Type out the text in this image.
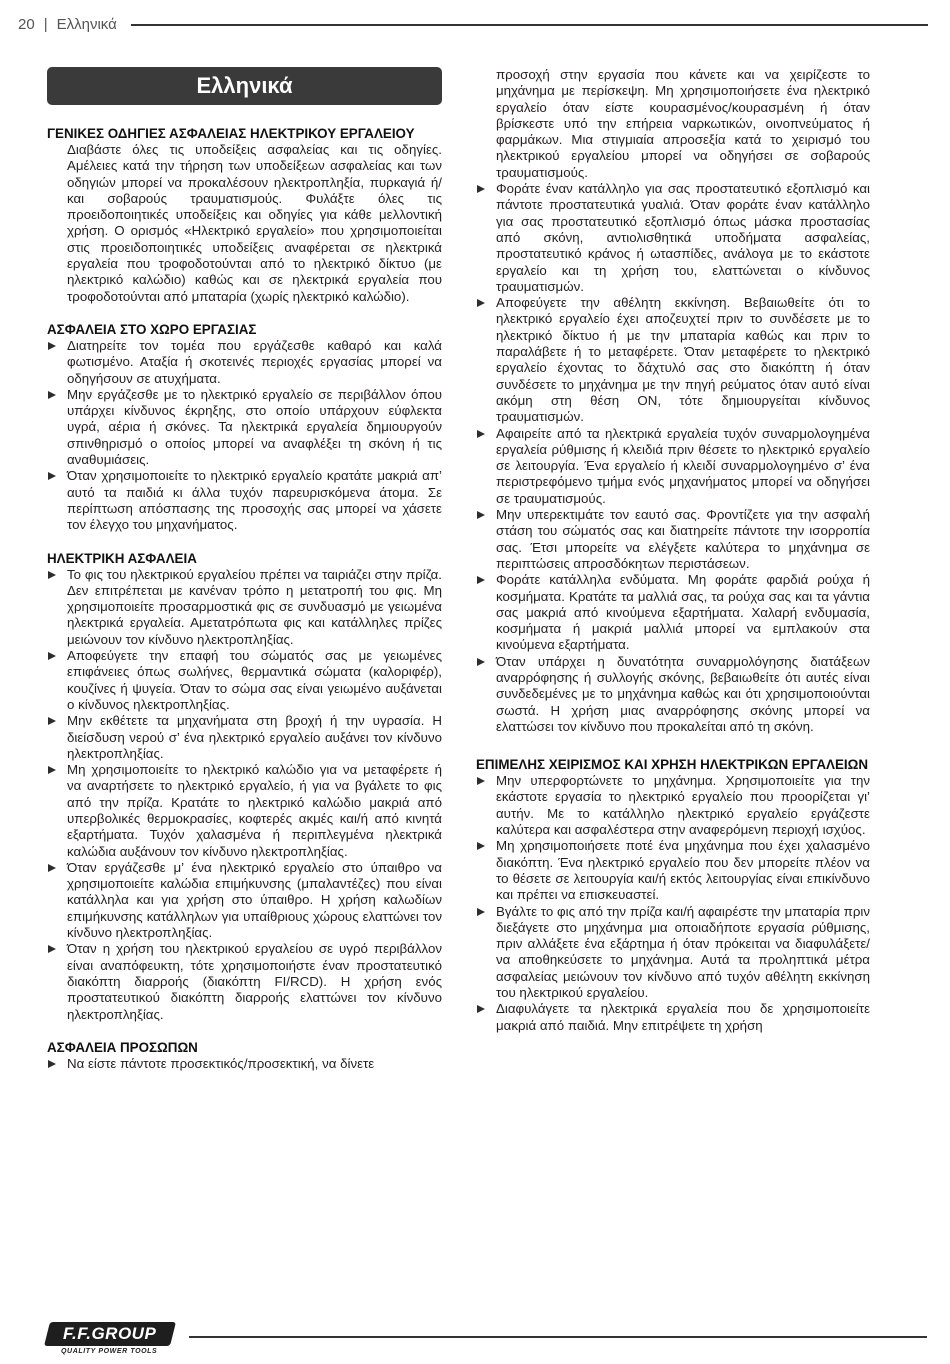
20 | Ελληνικά
Ελληνικά
ΓΕΝΙΚΕΣ ΟΔΗΓΙΕΣ ΑΣΦΑΛΕΙΑΣ ΗΛΕΚΤΡΙΚΟΥ ΕΡΓΑΛΕΙΟΥ

Διαβάστε όλες τις υποδείξεις ασφαλείας και τις οδηγίες. Αμέλειες κατά την τήρηση των υποδείξεων ασφαλείας και των οδηγιών μπορεί να προκαλέσουν ηλεκτροπληξία, πυρκαγιά ή/και σοβαρούς τραυματισμούς. Φυλάξτε όλες τις προειδοποιητικές υποδείξεις και οδηγίες για κάθε μελλοντική χρήση. Ο ορισμός «Ηλεκτρικό εργαλείο» που χρησιμοποιείται στις προειδοποιητικές υποδείξεις αναφέρεται σε ηλεκτρικά εργαλεία που τροφοδοτούνται από το ηλεκτρικό δίκτυο (με ηλεκτρικό καλώδιο) καθώς και σε ηλεκτρικά εργαλεία που τροφοδοτούνται από μπαταρία (χωρίς ηλεκτρικό καλώδιο).

ΑΣΦΑΛΕΙΑ ΣΤΟ ΧΩΡΟ ΕΡΓΑΣΙΑΣ
Διατηρείτε τον τομέα που εργάζεσθε καθαρό και καλά φωτισμένο. Αταξία ή σκοτεινές περιοχές εργασίας μπορεί να οδηγήσουν σε ατυχήματα.
Μην εργάζεσθε με το ηλεκτρικό εργαλείο σε περιβάλλον όπου υπάρχει κίνδυνος έκρηξης, στο οποίο υπάρχουν εύφλεκτα υγρά, αέρια ή σκόνες. Τα ηλεκτρικά εργαλεία δημιουργούν σπινθηρισμό ο οποίος μπορεί να αναφλέξει τη σκόνη ή τις αναθυμιάσεις.
Όταν χρησιμοποιείτε το ηλεκτρικό εργαλείο κρατάτε μακριά απ’ αυτό τα παιδιά κι άλλα τυχόν παρευρισκόμενα άτομα. Σε περίπτωση απόσπασης της προσοχής σας μπορεί να χάσετε τον έλεγχο του μηχανήματος.
ΗΛΕΚΤΡΙΚΗ ΑΣΦΑΛΕΙΑ
Το φις του ηλεκτρικού εργαλείου πρέπει να ταιριάζει στην πρίζα. Δεν επιτρέπεται με κανέναν τρόπο η μετατροπή του φις. Μη χρησιμοποιείτε προσαρμοστικά φις σε συνδυασμό με γειωμένα ηλεκτρικά εργαλεία. Αμετατρόπωτα φις και κατάλληλες πρίζες μειώνουν τον κίνδυνο ηλεκτροπληξίας.
Αποφεύγετε την επαφή του σώματός σας με γειωμένες επιφάνειες όπως σωλήνες, θερμαντικά σώματα (καλοριφέρ), κουζίνες ή ψυγεία. Όταν το σώμα σας είναι γειωμένο αυξάνεται ο κίνδυνος ηλεκτροπληξίας.
Μην εκθέτετε τα μηχανήματα στη βροχή ή την υγρασία. Η διείσδυση νερού σ’ ένα ηλεκτρικό εργαλείο αυξάνει τον κίνδυνο ηλεκτροπληξίας.
Μη χρησιμοποιείτε το ηλεκτρικό καλώδιο για να μεταφέρετε ή να αναρτήσετε το ηλεκτρικό εργαλείο, ή για να βγάλετε το φις από την πρίζα. Κρατάτε το ηλεκτρικό καλώδιο μακριά από υπερβολικές θερμοκρασίες, κοφτερές ακμές και/ή από κινητά εξαρτήματα. Τυχόν χαλασμένα ή περιπλεγμένα ηλεκτρικά καλώδια αυξάνουν τον κίνδυνο ηλεκτροπληξίας.
Όταν εργάζεσθε μ’ ένα ηλεκτρικό εργαλείο στο ύπαιθρο να χρησιμοποιείτε καλώδια επιμήκυνσης (μπαλαντέζες) που είναι κατάλληλα και για χρήση στο ύπαιθρο. Η χρήση καλωδίων επιμήκυνσης κατάλληλων για υπαίθριους χώρους ελαττώνει τον κίνδυνο ηλεκτροπληξίας.
Όταν η χρήση του ηλεκτρικού εργαλείου σε υγρό περιβάλλον είναι αναπόφευκτη, τότε χρησιμοποιήστε έναν προστατευτικό διακόπτη διαρροής (διακόπτη FI/RCD). Η χρήση ενός προστατευτικού διακόπτη διαρροής ελαττώνει τον κίνδυνο ηλεκτροπληξίας.
ΑΣΦΑΛΕΙΑ ΠΡΟΣΩΠΩΝ
Να είστε πάντοτε προσεκτικός/προσεκτική, να δίνετε

προσοχή στην εργασία που κάνετε και να χειρίζεστε το μηχάνημα με περίσκεψη. Μη χρησιμοποιήσετε ένα ηλεκτρικό εργαλείο όταν είστε κουρασμένος/κουρασμένη ή όταν βρίσκεστε υπό την επήρεια ναρκωτικών, οινοπνεύματος ή φαρμάκων. Μια στιγμιαία απροσεξία κατά το χειρισμό του ηλεκτρικού εργαλείου μπορεί να οδηγήσει σε σοβαρούς τραυματισμούς.

Φοράτε έναν κατάλληλο για σας προστατευτικό εξοπλισμό και πάντοτε προστατευτικά γυαλιά. Όταν φοράτε έναν κατάλληλο για σας προστατευτικό εξοπλισμό όπως μάσκα προστασίας από σκόνη, αντιολισθητικά υποδήματα ασφαλείας, προστατευτικό κράνος ή ωτασπίδες, ανάλογα με το εκάστοτε εργαλείο και τη χρήση του, ελαττώνεται ο κίνδυνος τραυματισμών.
Αποφεύγετε την αθέλητη εκκίνηση. Βεβαιωθείτε ότι το ηλεκτρικό εργαλείο έχει αποζευχτεί πριν το συνδέσετε με το ηλεκτρικό δίκτυο ή με την μπαταρία καθώς και πριν το παραλάβετε ή το μεταφέρετε. Όταν μεταφέρετε το ηλεκτρικό εργαλείο έχοντας το δάχτυλό σας στο διακόπτη ή όταν συνδέσετε το μηχάνημα με την πηγή ρεύματος όταν αυτό είναι ακόμη στη θέση ON, τότε δημιουργείται κίνδυνος τραυματισμών.
Αφαιρείτε από τα ηλεκτρικά εργαλεία τυχόν συναρμολογημένα εργαλεία ρύθμισης ή κλειδιά πριν θέσετε το ηλεκτρικό εργαλείο σε λειτουργία. Ένα εργαλείο ή κλειδί συναρμολογημένο σ’ ένα περιστρεφόμενο τμήμα ενός μηχανήματος μπορεί να οδηγήσει σε τραυματισμούς.
Μην υπερεκτιμάτε τον εαυτό σας. Φροντίζετε για την ασφαλή στάση του σώματός σας και διατηρείτε πάντοτε την ισορροπία σας. Έτσι μπορείτε να ελέγξετε καλύτερα το μηχάνημα σε περιπτώσεις απροσδόκητων περιστάσεων.
Φοράτε κατάλληλα ενδύματα. Μη φοράτε φαρδιά ρούχα ή κοσμήματα. Κρατάτε τα μαλλιά σας, τα ρούχα σας και τα γάντια σας μακριά από κινούμενα εξαρτήματα. Χαλαρή ενδυμασία, κοσμήματα ή μακριά μαλλιά μπορεί να εμπλακούν στα κινούμενα εξαρτήματα.
Όταν υπάρχει η δυνατότητα συναρμολόγησης διατάξεων αναρρόφησης ή συλλογής σκόνης, βεβαιωθείτε ότι αυτές είναι συνδεδεμένες με το μηχάνημα καθώς και ότι χρησιμοποιούνται σωστά. Η χρήση μιας αναρρόφησης σκόνης μπορεί να ελαττώσει τον κίνδυνο που προκαλείται από τη σκόνη.
ΕΠΙΜΕΛΗΣ ΧΕΙΡΙΣΜΟΣ ΚΑΙ ΧΡΗΣΗ ΗΛΕΚΤΡΙΚΩΝ ΕΡΓΑΛΕΙΩΝ
Μην υπερφορτώνετε το μηχάνημα. Χρησιμοποιείτε για την εκάστοτε εργασία το ηλεκτρικό εργαλείο που προορίζεται γι’ αυτήν. Με το κατάλληλο ηλεκτρικό εργαλείο εργάζεστε καλύτερα και ασφαλέστερα στην αναφερόμενη περιοχή ισχύος.
Μη χρησιμοποιήσετε ποτέ ένα μηχάνημα που έχει χαλασμένο διακόπτη. Ένα ηλεκτρικό εργαλείο που δεν μπορείτε πλέον να το θέσετε σε λειτουργία και/ή εκτός λειτουργίας είναι επικίνδυνο και πρέπει να επισκευαστεί.
Βγάλτε το φις από την πρίζα και/ή αφαιρέστε την μπαταρία πριν διεξάγετε στο μηχάνημα μια οποιαδήποτε εργασία ρύθμισης, πριν αλλάξετε ένα εξάρτημα ή όταν πρόκειται να διαφυλάξετε/να αποθηκεύσετε το μηχάνημα. Αυτά τα προληπτικά μέτρα ασφαλείας μειώνουν τον κίνδυνο από τυχόν αθέλητη εκκίνηση του ηλεκτρικού εργαλείου.
Διαφυλάγετε τα ηλεκτρικά εργαλεία που δε χρησιμοποιείτε μακριά από παιδιά. Μην επιτρέψετε τη χρήση
F.F.GROUP
QUALITY POWER TOOLS
